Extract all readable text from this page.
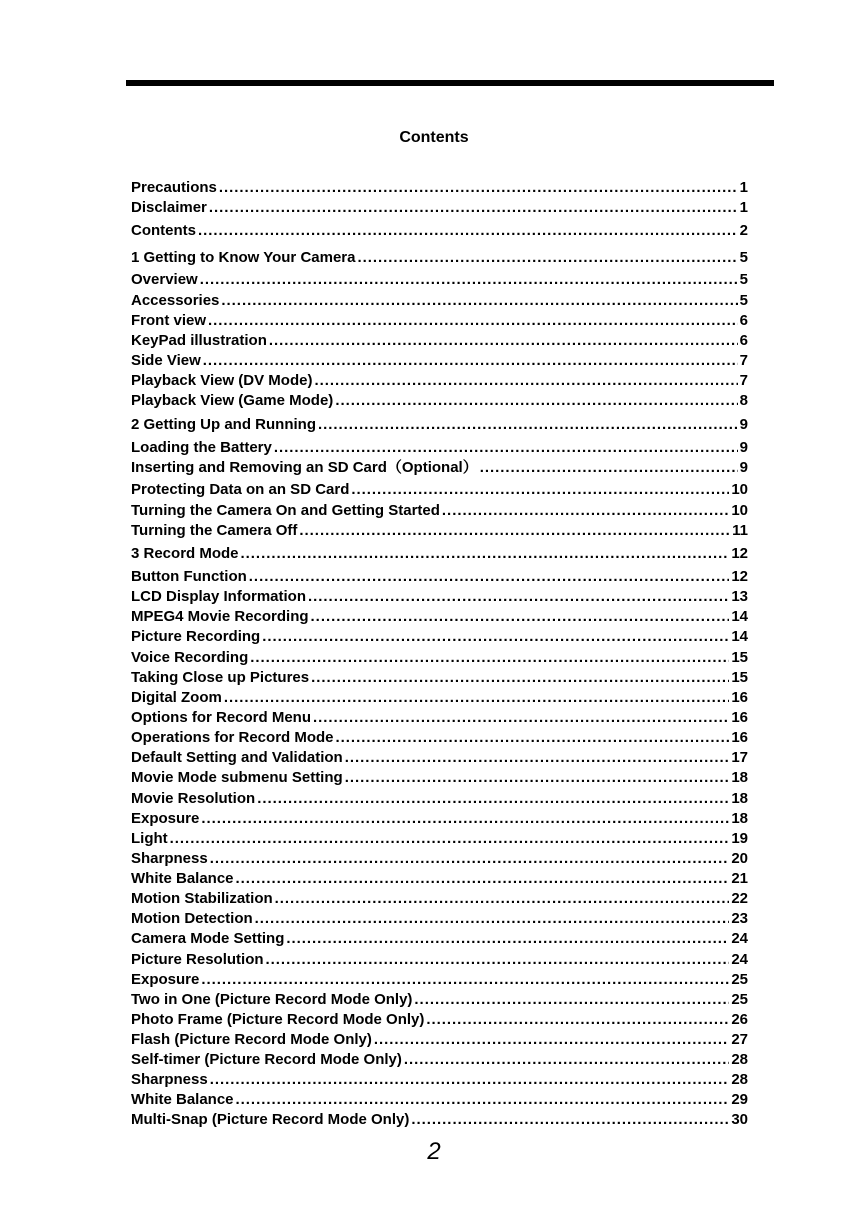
Contents
Precautions . . .	1
Disclaimer . . .	1
Contents . . .	2
1 Getting to Know Your Camera . . .	5
Overview . . .	5
Accessories . . .	5
Front view . . .	6
KeyPad illustration . . .	6
Side View . . .	7
Playback View (DV Mode) . . .	7
Playback View (Game Mode) . . .	8
2 Getting Up and Running . . .	9
Loading the Battery . . .	9
Inserting and Removing an SD Card（Optional） . . .	9
Protecting Data on an SD Card . . .	10
Turning the Camera On and Getting Started . . .	10
Turning the Camera Off . . .	11
3 Record Mode . . .	12
Button Function . . .	12
LCD Display Information . . .	13
MPEG4 Movie Recording . . .	14
Picture Recording . . .	14
Voice Recording . . .	15
Taking Close up Pictures . . .	15
Digital Zoom . . .	16
Options for Record Menu . . .	16
Operations for Record Mode . . .	16
Default Setting and Validation . . .	17
Movie Mode submenu Setting . . .	18
Movie Resolution . . .	18
Exposure . . .	18
Light . . .	19
Sharpness . . .	20
White Balance . . .	21
Motion Stabilization . . .	22
Motion Detection . . .	23
Camera Mode Setting . . .	24
Picture Resolution . . .	24
Exposure . . .	25
Two in One (Picture Record Mode Only) . . .	25
Photo Frame (Picture Record Mode Only) . . .	26
Flash (Picture Record Mode Only) . . .	27
Self-timer (Picture Record Mode Only) . . .	28
Sharpness . . .	28
White Balance . . .	29
Multi-Snap (Picture Record Mode Only) . . .	30
2
